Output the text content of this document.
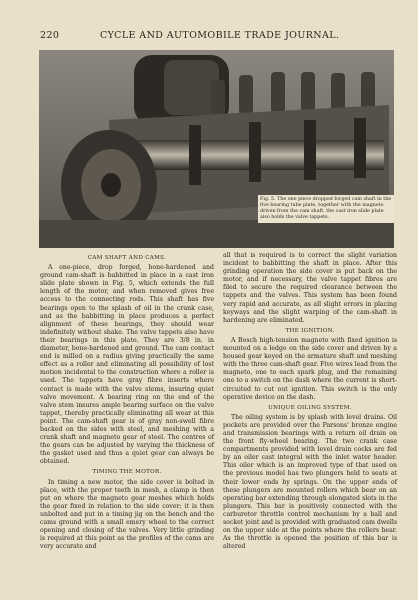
220	CYCLE AND AUTOMOBILE TRADE JOURNAL.
Fig. 5. The one piece dropped forged cam shaft in the five bearing tube plate, together with the magneto driven from the cam shaft, the cast iron slide plate also holds the valve tappets.
CAM SHAFT AND CAMS.

A one-piece, drop forged, bone-hardened and ground cam-shaft is babbitted in place in a cast iron slide plate shown in Fig. 5, which extends the full length of the motor, and when removed gives free access to the connecting rods. This shaft has five bearings open to the splash of oil in the crank case, and as the babbitting in place produces a perfect alignment of these bearings, they should wear indefinitely without shake. The valve tappets also have their bearings in this plate. They are 3/8 in. in diameter, bone-hardened and ground. The cam contact end is milled on a radius giving practically the same effect as a roller and eliminating all possibility of lost motion incidental to the construction where a roller is used. The tappets have gray fibre inserts where contact is made with the valve stems, insuring quiet valve movement. A bearing ring on the end of the valve stem insures ample bearing surface on the valve tappet, thereby practically eliminating all wear at this point. The cam-shaft gear is of gray non-swell fibre backed on the sides with steel, and meshing with a crank shaft and magneto gear of steel. The centres of the gears can be adjusted by varying the thickness of the gasket used and thus a quiet gear can always be obtained.

TIMING THE MOTOR.

In timing a new motor, the side cover is bolted in place, with the proper teeth in mesh, a clamp is then put on where the magneto gear meshes which holds the gear fixed in relation to the side cover; it is then unbolted and put in a timing jig on the bench and the cams ground with a small emery wheel to the correct opening and closing of the valves. Very little grinding is required at this point as the profiles of the cams are very accurate and

all that is required is to correct the slight variation incident to babbitting the shaft in place. After this grinding operation the side cover is put back on the motor, and if necessary, the valve tappet fibres are filed to secure the required clearance between the tappets and the valves. This system has been found very rapid and accurate, as all slight errors in placing keyways and the slight warping of the cam-shaft in hardening are eliminated.

THE IGNITION.

A Bosch high-tension magneto with fixed ignition is mounted on a ledge on the side cover and driven by a housed gear keyed on the armature shaft and meshing with the three cam-shaft gear. Five wires lead from the magneto, one to each spark plug, and the remaining one to a switch on the dash where the current is short-circuited to cut out ignition. This switch is the only operative device on the dash.

UNIQUE OILING SYSTEM.

The oiling system is by splash with level drains. Oil pockets are provided over the Parsons' bronze engine and transmission bearings with a return oil drain on the front fly-wheel bearing. The two crank case compartments provided with level drain cocks are fed by an oiler cast integral with the inlet water header. This oiler which is an improved type of that used on the previous model has two plungers held to seats at their lower ends by springs. On the upper ends of these plungers are mounted rollers which bear on an operating bar extending through elongated slots in the plungers. This bar is positively connected with the carburetor throttle control mechanism by a ball and socket joint and is provided with graduated cam dwells on the upper side at the points where the rollers bear. As the throttle is opened the position of this bar is altered
